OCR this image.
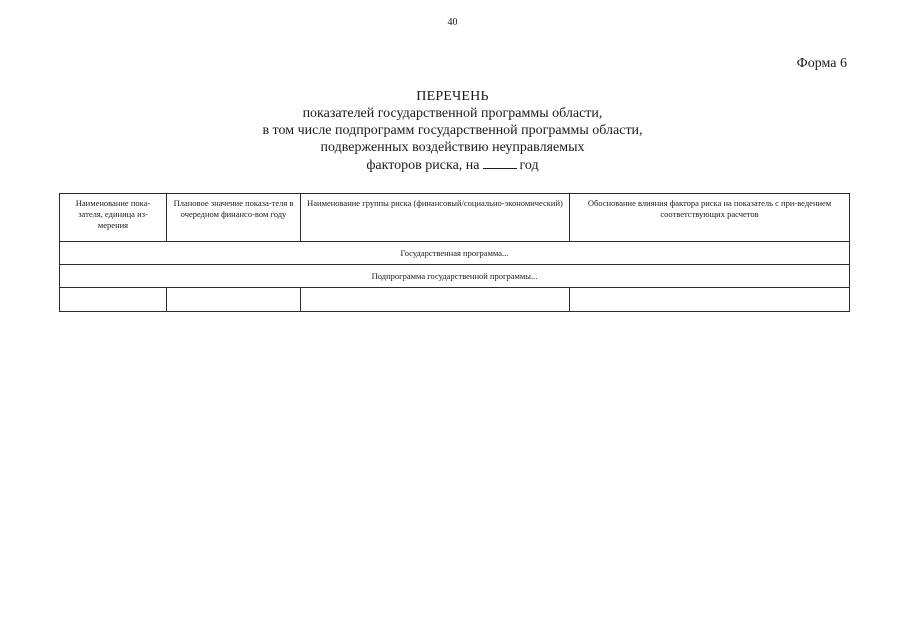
40
Форма 6
ПЕРЕЧЕНЬ
показателей государственной программы области,
в том числе подпрограмм государственной программы области,
подверженных воздействию неуправляемых
факторов риска, на	год
Наименование пока-зателя, единица из-мерения	Плановое значение показа-теля в очередном финансо-вом году	Наименование группы риска (финансовый/социально-экономический)	Обоснование влияния фактора риска на показатель с при-ведением соответствующих расчетов
Государственная программа...			
Подпрограмма государственной программы...			
